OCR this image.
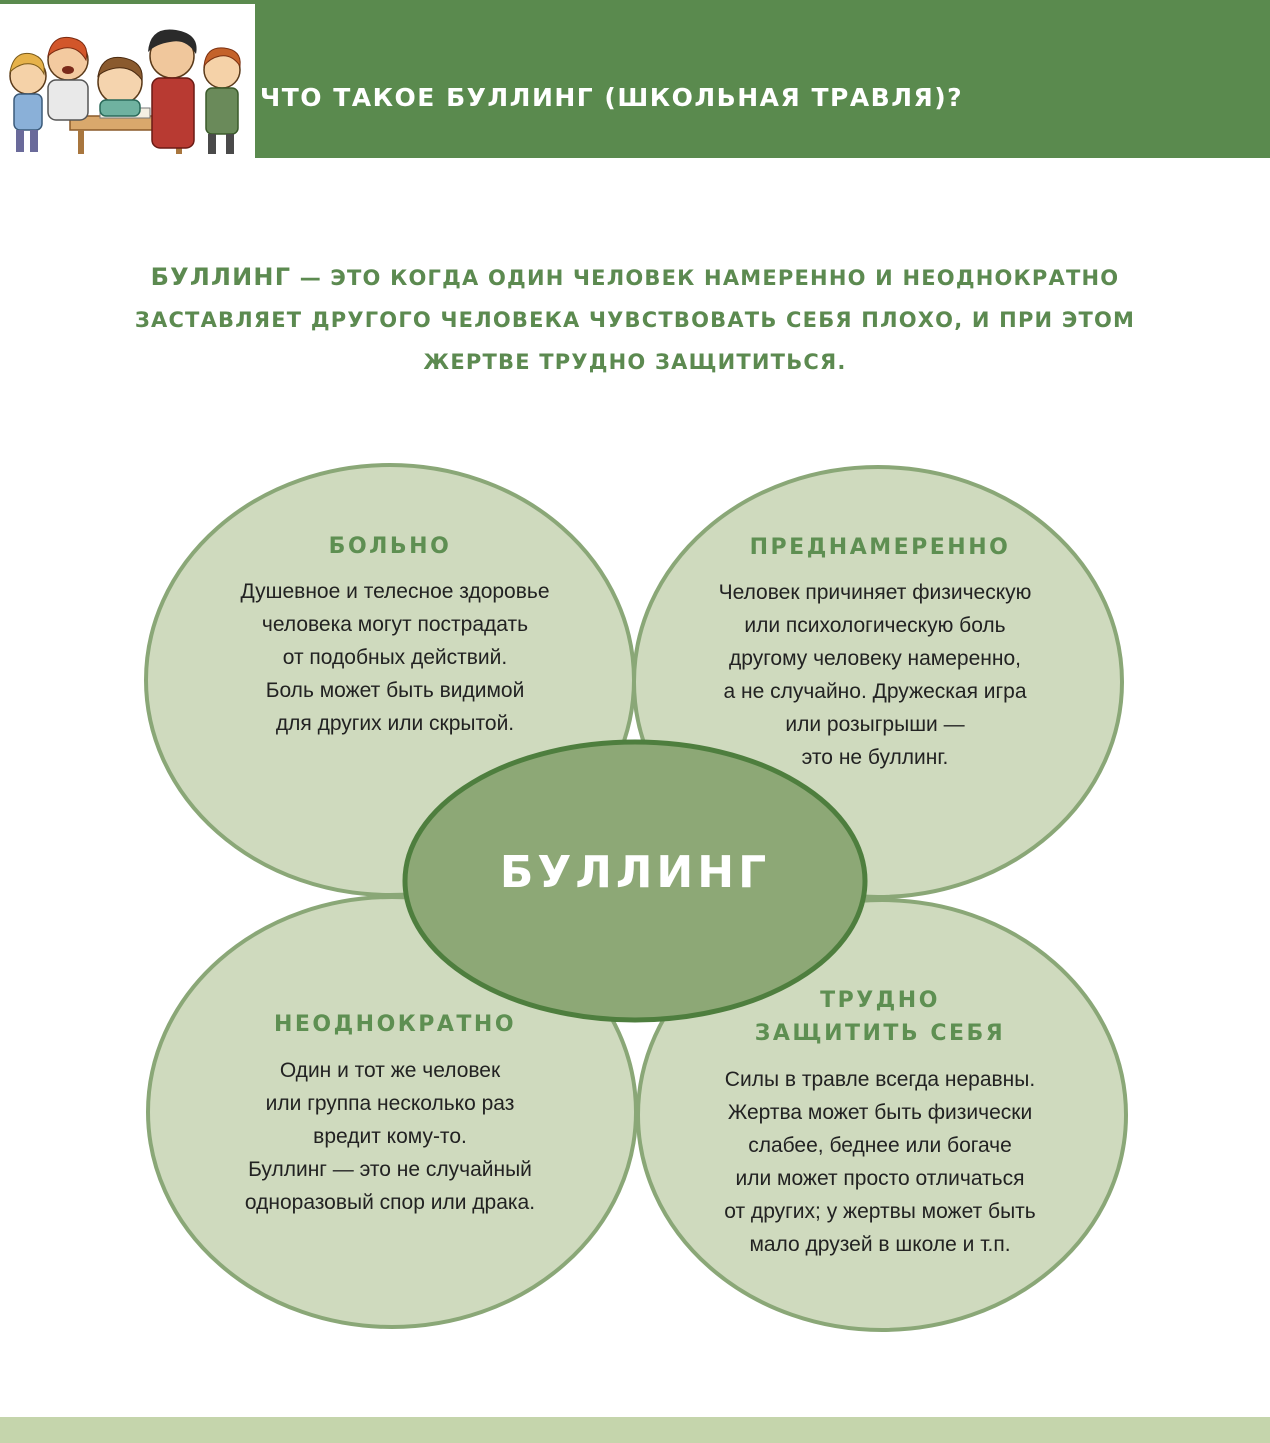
ЧТО ТАКОЕ БУЛЛИНГ (ШКОЛЬНАЯ ТРАВЛЯ)?
БУЛЛИНГ — ЭТО КОГДА ОДИН ЧЕЛОВЕК НАМЕРЕННО И НЕОДНОКРАТНО ЗАСТАВЛЯЕТ ДРУГОГО ЧЕЛОВЕКА ЧУВСТВОВАТЬ СЕБЯ ПЛОХО, И ПРИ ЭТОМ ЖЕРТВЕ ТРУДНО ЗАЩИТИТЬСЯ.
БОЛЬНО
Душевное и телесное здоровье
человека могут пострадать
от подобных действий.
Боль может быть видимой
для других или скрытой.
ПРЕДНАМЕРЕННО
Человек причиняет физическую
или психологическую боль
другому человеку намеренно,
а не случайно. Дружеская игра
или розыгрыши —
это не буллинг.
НЕОДНОКРАТНО
Один и тот же человек
или группа несколько раз
вредит кому-то.
Буллинг — это не случайный
одноразовый спор или драка.
ТРУДНО
ЗАЩИТИТЬ СЕБЯ
Силы в травле всегда неравны.
Жертва может быть физически
слабее, беднее или богаче
или может просто отличаться
от других; у жертвы может быть
мало друзей в школе и т.п.
БУЛЛИНГ
